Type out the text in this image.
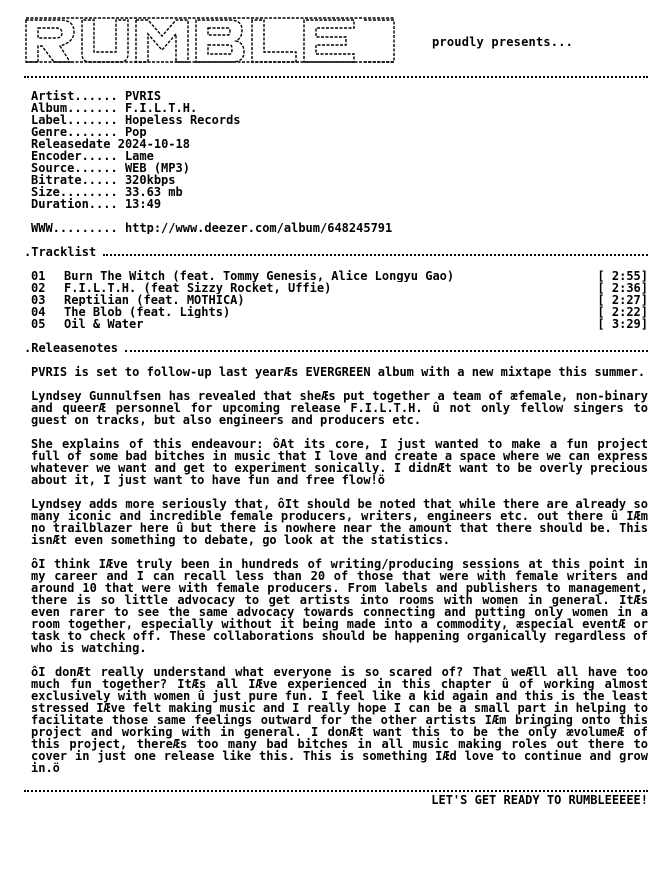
proudly presents...
Artist...... PVRIS
Album....... F.I.L.T.H.
Label....... Hopeless Records
Genre....... Pop
Releasedate 2024-10-18
Encoder..... Lame
Source...... WEB (MP3)
Bitrate..... 320kbps
Size........ 33.63 mb
Duration.... 13:49
WWW......... http://www.deezer.com/album/648245791
.Tracklist
01	Burn The Witch (feat. Tommy Genesis, Alice Longyu Gao)	[ 2:55]
02	F.I.L.T.H. (feat Sizzy Rocket, Uffie)	[ 2:36]
03	Reptilian (feat. MOTHICA)	[ 2:27]
04	The Blob (feat. Lights)	[ 2:22]
05	Oil & Water	[ 3:29]
.Releasenotes

PVRIS is set to follow-up last yearÆs EVERGREEN album with a new mixtape this summer.

Lyndsey Gunnulfsen has revealed that sheÆs put together a team of æfemale, non-binary and queerÆ personnel for upcoming release F.I.L.T.H. û not only fellow singers to guest on tracks, but also engineers and producers etc.

She explains of this endeavour: ôAt its core, I just wanted to make a fun project full of some bad bitches in music that I love and create a space where we can express whatever we want and get to experiment sonically. I didnÆt want to be overly precious about it, I just want to have fun and free flow!ö

Lyndsey adds more seriously that, ôIt should be noted that while there are already so many iconic and incredible female producers, writers, engineers etc. out there û IÆm no trailblazer here û but there is nowhere near the amount that there should be. This isnÆt even something to debate, go look at the statistics.

ôI think IÆve truly been in hundreds of writing/producing sessions at this point in my career and I can recall less than 20 of those that were with female writers and around 10 that were with female producers. From labels and publishers to management, there is so little advocacy to get artists into rooms with women in general. ItÆs even rarer to see the same advocacy towards connecting and putting only women in a room together, especially without it being made into a commodity, æspecial eventÆ or task to check off. These collaborations should be happening organically regardless of who is watching.

ôI donÆt really understand what everyone is so scared of? That weÆll all have too much fun together? ItÆs all IÆve experienced in this chapter û of working almost exclusively with women û just pure fun. I feel like a kid again and this is the least stressed IÆve felt making music and I really hope I can be a small part in helping to facilitate those same feelings outward for the other artists IÆm bringing onto this project and working with in general. I donÆt want this to be the only ævolumeÆ of this project, thereÆs too many bad bitches in all music making roles out there to cover in just one release like this. This is something IÆd love to continue and grow in.ö

LET'S GET READY TO RUMBLEEEEE!
